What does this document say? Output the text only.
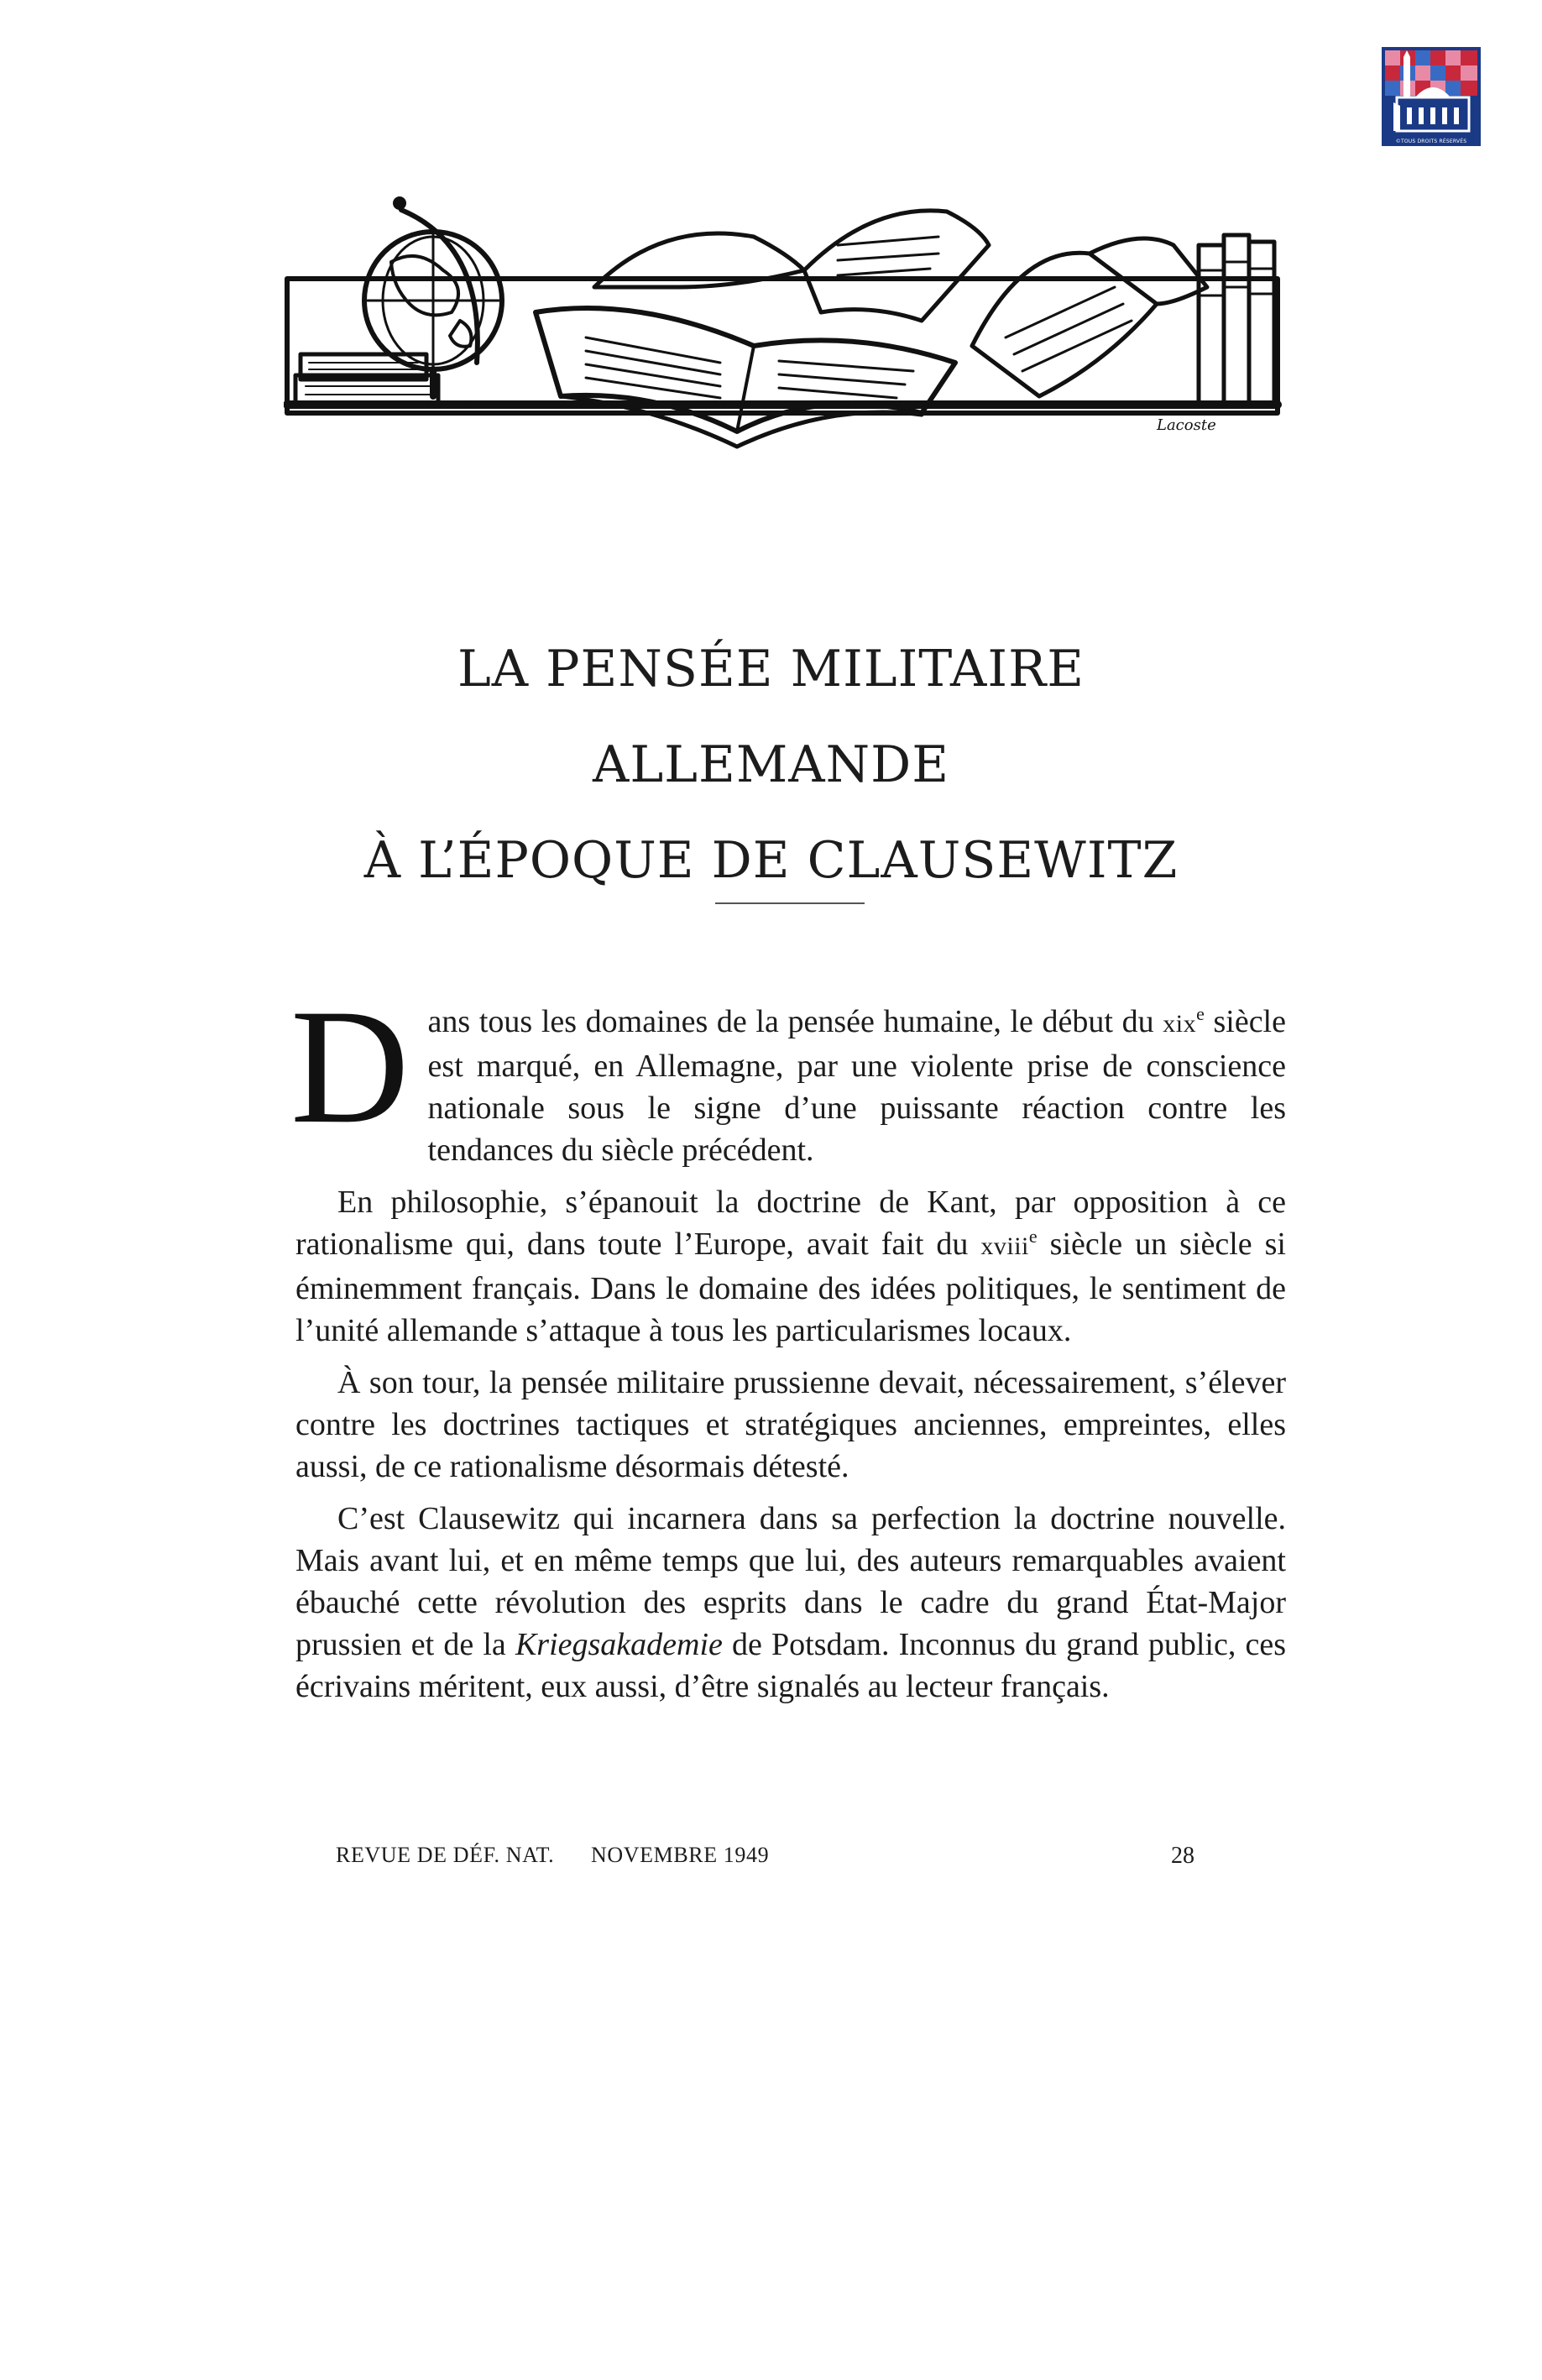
©TOUS DROITS RÉSERVÉS
Lacoste
LA PENSÉE MILITAIRE
ALLEMANDE
À L’ÉPOQUE DE CLAUSEWITZ

Dans tous les domaines de la pensée humaine, le début du xix$^e$ siècle est marqué, en Allemagne, par une violente prise de conscience nationale sous le signe d’une puissante réaction contre les tendances du siècle précédent.

En philosophie, s’épanouit la doctrine de Kant, par opposition à ce rationalisme qui, dans toute l’Europe, avait fait du xviii$^e$ siècle un siècle si éminemment français. Dans le domaine des idées politiques, le sentiment de l’unité allemande s’attaque à tous les particularismes locaux.

À son tour, la pensée militaire prussienne devait, nécessairement, s’élever contre les doctrines tactiques et stratégiques anciennes, empreintes, elles aussi, de ce rationalisme désormais détesté.

C’est Clausewitz qui incarnera dans sa perfection la doctrine nouvelle. Mais avant lui, et en même temps que lui, des auteurs remarquables avaient ébauché cette révolution des esprits dans le cadre du grand État-Major prussien et de la Kriegsakademie de Potsdam. Inconnus du grand public, ces écrivains méritent, eux aussi, d’être signalés au lecteur français.

REVUE DE DÉF. NAT. NOVEMBRE 1949	28
